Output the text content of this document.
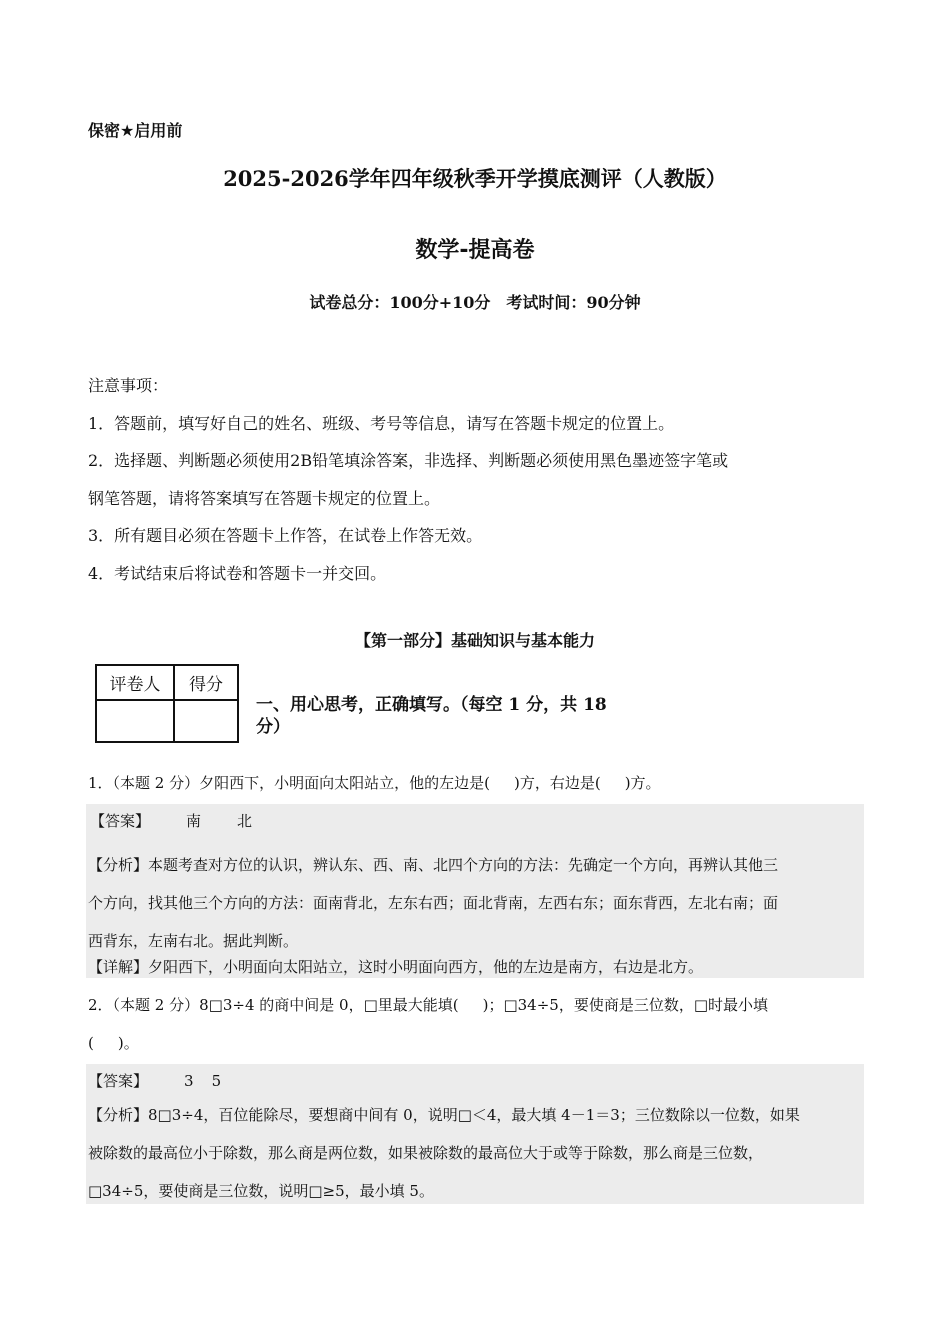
保密★启用前
2025-2026学年四年级秋季开学摸底测评（人教版）
数学-提高卷
试卷总分：100分+10分　考试时间：90分钟

注意事项：

1．答题前，填写好自己的姓名、班级、考号等信息，请写在答题卡规定的位置上。

2．选择题、判断题必须使用2B铅笔填涂答案，非选择、判断题必须使用黑色墨迹签字笔或

钢笔答题，请将答案填写在答题卡规定的位置上。

3．所有题目必须在答题卡上作答，在试卷上作答无效。

4．考试结束后将试卷和答题卡一并交回。

【第一部分】基础知识与基本能力
评卷人	得分

一、用心思考，正确填写。（每空 1 分，共 18
分）
1．（本题 2 分）夕阳西下，小明面向太阳站立，他的左边是( )方，右边是( )方。
【答案】 南 北
【分析】本题考查对方位的认识，辨认东、西、南、北四个方向的方法：先确定一个方向，再辨认其他三
个方向，找其他三个方向的方法：面南背北，左东右西；面北背南，左西右东；面东背西，左北右南；面
西背东，左南右北。据此判断。
【详解】夕阳西下，小明面向太阳站立，这时小明面向西方，他的左边是南方，右边是北方。
2．（本题 2 分）8□3÷4 的商中间是 0，□里最大能填( )；□34÷5，要使商是三位数，□时最小填
( )。
【答案】 3 5
【分析】8□3÷4，百位能除尽，要想商中间有 0，说明□＜4，最大填 4－1＝3；三位数除以一位数，如果
被除数的最高位小于除数，那么商是两位数，如果被除数的最高位大于或等于除数，那么商是三位数，
□34÷5，要使商是三位数，说明□≥5，最小填 5。
